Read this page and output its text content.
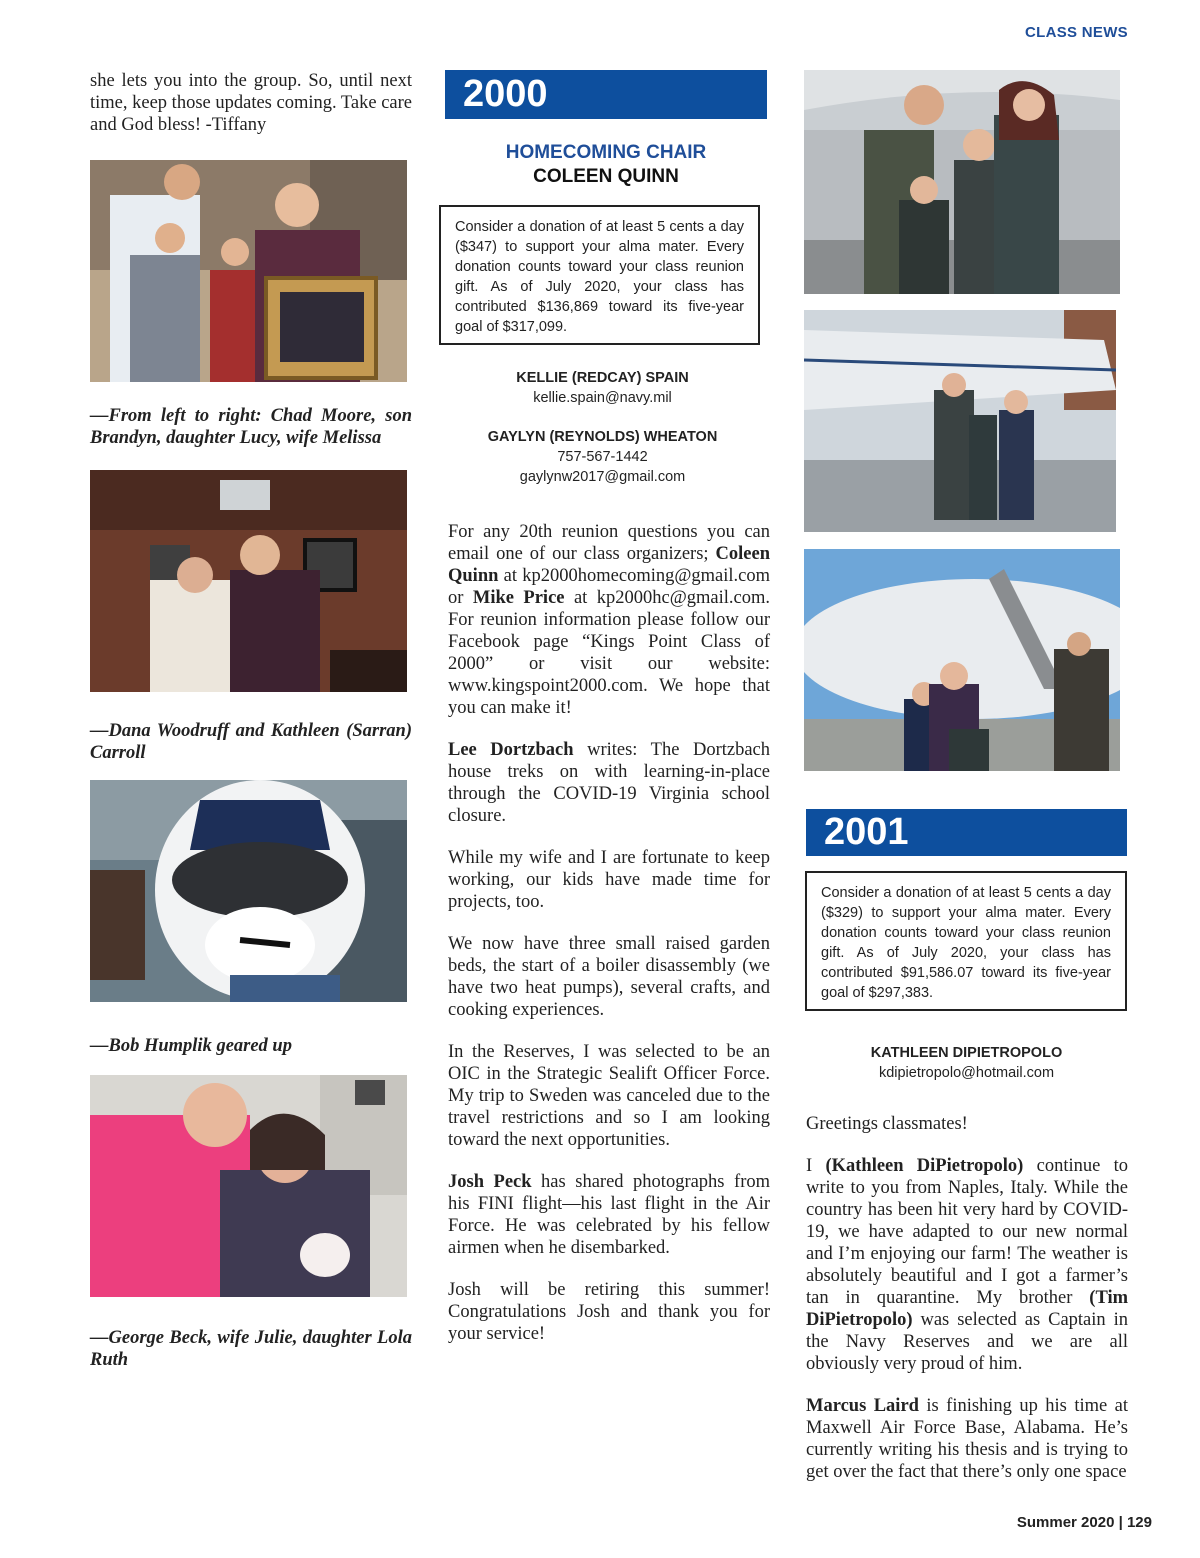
CLASS NEWS
she lets you into the group. So, until next time, keep those updates coming. Take care and God bless! -Tiffany
—From left to right: Chad Moore, son Brandyn, daughter Lucy, wife Melissa
—Dana Woodruff and Kathleen (Sarran) Carroll
—Bob Humplik geared up
—George Beck, wife Julie, daughter Lola Ruth
2000
HOMECOMING CHAIR
COLEEN QUINN
Consider a donation of at least 5 cents a day ($347) to support your alma mater. Every donation counts toward your class reunion gift. As of July 2020, your class has contributed $136,869 toward its five-year goal of $317,099.
KELLIE (REDCAY) SPAIN
kellie.spain@navy.mil
GAYLYN (REYNOLDS) WHEATON
757-567-1442
gaylynw2017@gmail.com

For any 20th reunion questions you can email one of our class organizers; Coleen Quinn at kp2000homecoming@gmail.com or Mike Price at kp2000hc@gmail.com. For reunion information please follow our Facebook page “Kings Point Class of 2000” or visit our website: www.kingspoint2000.com. We hope that you can make it!

Lee Dortzbach writes: The Dortzbach house treks on with learning-in-place through the COVID-19 Virginia school closure.

While my wife and I are fortunate to keep working, our kids have made time for projects, too.

We now have three small raised garden beds, the start of a boiler disassembly (we have two heat pumps), several crafts, and cooking experiences.

In the Reserves, I was selected to be an OIC in the Strategic Sealift Officer Force. My trip to Sweden was canceled due to the travel restrictions and so I am looking toward the next opportunities.

Josh Peck has shared photographs from his FINI flight—his last flight in the Air Force. He was celebrated by his fellow airmen when he disembarked.

Josh will be retiring this summer! Congratulations Josh and thank you for your service!

2001
Consider a donation of at least 5 cents a day ($329) to support your alma mater. Every donation counts toward your class reunion gift. As of July 2020, your class has contributed $91,586.07 toward its five-year goal of $297,383.
KATHLEEN DIPIETROPOLO
kdipietropolo@hotmail.com

Greetings classmates!

I (Kathleen DiPietropolo) continue to write to you from Naples, Italy. While the country has been hit very hard by COVID-19, we have adapted to our new normal and I’m enjoying our farm! The weather is absolutely beautiful and I got a farmer’s tan in quarantine. My brother (Tim DiPietropolo) was selected as Captain in the Navy Reserves and we are all obviously very proud of him.

Marcus Laird is finishing up his time at Maxwell Air Force Base, Alabama. He’s currently writing his thesis and is trying to get over the fact that there’s only one space

Summer 2020 | 129
